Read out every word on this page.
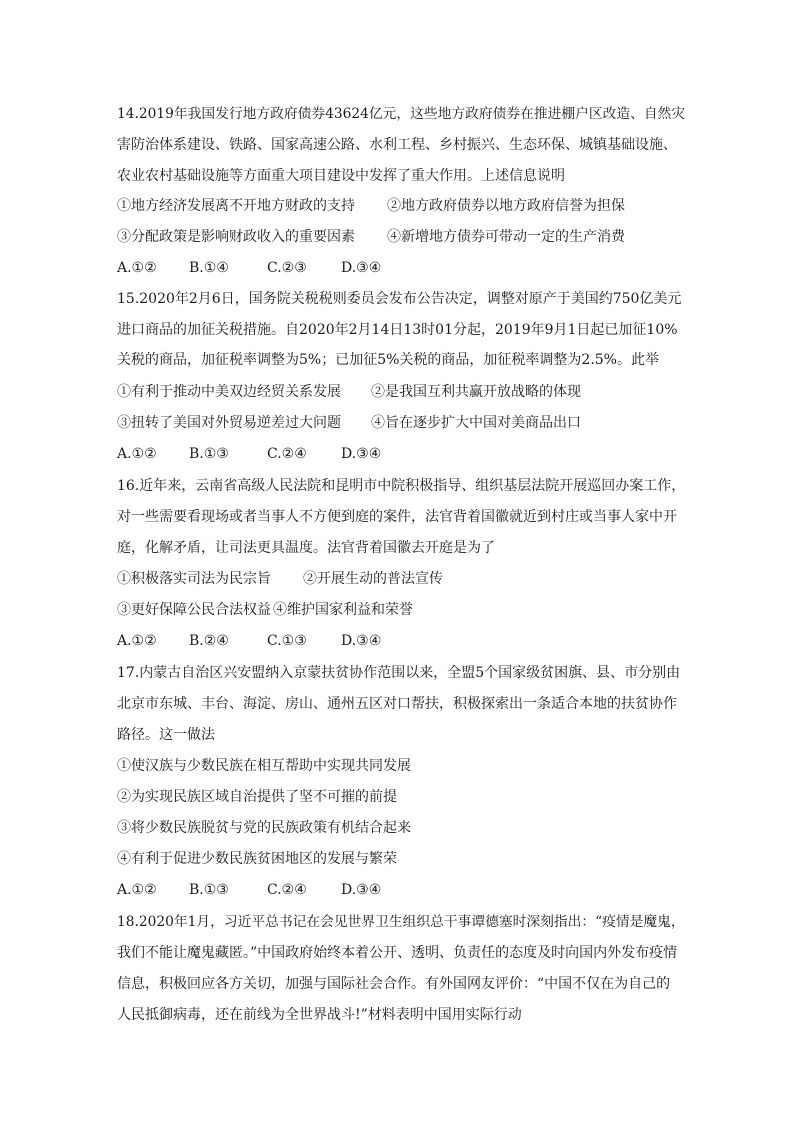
14.2019年我国发行地方政府债券43624亿元，这些地方政府债券在推进棚户区改造、自然灾
害防治体系建设、铁路、国家高速公路、水利工程、乡村振兴、生态环保、城镇基础设施、
农业农村基础设施等方面重大项目建设中发挥了重大作用。上述信息说明
①地方经济发展离不开地方财政的支持 ②地方政府债券以地方政府信誉为担保
③分配政策是影响财政收入的重要因素 ④新增地方债券可带动一定的生产消费
A.①② B.①④	C.②③ D.③④
15.2020年2月6日，国务院关税税则委员会发布公告决定，调整对原产于美国约750亿美元
进口商品的加征关税措施。自2020年2月14日13时01分起，2019年9月1日起已加征10%
关税的商品，加征税率调整为5%；已加征5%关税的商品，加征税率调整为2.5%。此举
①有利于推动中美双边经贸关系发展 ②是我国互利共赢开放战略的体现
③扭转了美国对外贸易逆差过大问题 ④旨在逐步扩大中国对美商品出口
A.①② B.①③	C.②④ D.③④
16.近年来，云南省高级人民法院和昆明市中院积极指导、组织基层法院开展巡回办案工作，
对一些需要看现场或者当事人不方便到庭的案件，法官背着国徽就近到村庄或当事人家中开
庭，化解矛盾，让司法更具温度。法官背着国徽去开庭是为了
①积极落实司法为民宗旨 ②开展生动的普法宣传
③更好保障公民合法权益 ④维护国家利益和荣誉
A.①② B.②④	C.①③ D.③④
17.内蒙古自治区兴安盟纳入京蒙扶贫协作范围以来，全盟5个国家级贫困旗、县、市分别由
北京市东城、丰台、海淀、房山、通州五区对口帮扶，积极探索出一条适合本地的扶贫协作
路径。这一做法
①使汉族与少数民族在相互帮助中实现共同发展
②为实现民族区域自治提供了坚不可摧的前提
③将少数民族脱贫与党的民族政策有机结合起来
④有利于促进少数民族贫困地区的发展与繁荣
A.①② B.①③	C.②④ D.③④
18.2020年1月，习近平总书记在会见世界卫生组织总干事谭德塞时深刻指出：“疫情是魔鬼，
我们不能让魔鬼藏匿。”中国政府始终本着公开、透明、负责任的态度及时向国内外发布疫情
信息，积极回应各方关切，加强与国际社会合作。有外国网友评价：“中国不仅在为自己的
人民抵御病毒，还在前线为全世界战斗!”材料表明中国用实际行动
